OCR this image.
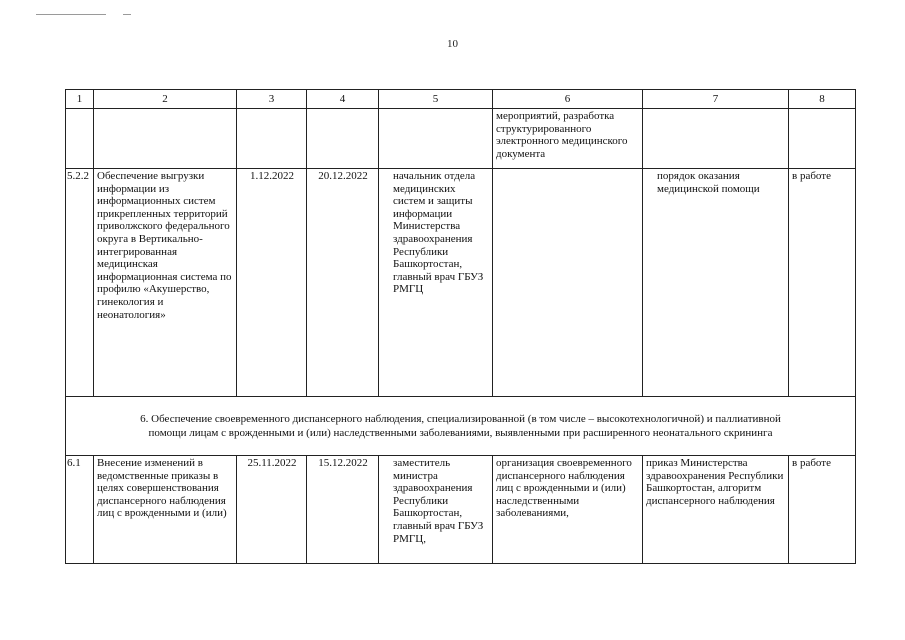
10
1	2	3	4	5	6	7	8
					мероприятий, разработка структурированного электронного медицинского документа		
5.2.2	Обеспечение выгрузки информации из информационных систем прикрепленных территорий приволжского федерального округа в Вертикально-интегрированная медицинская информационная система по профилю «Акушерство, гинекология и неонатология»	1.12.2022	20.12.2022	начальник отдела медицинских систем и защиты информации Министерства здравоохранения Республики Башкортостан, главный врач ГБУЗ РМГЦ		порядок оказания медицинской помощи	в работе
6. Обеспечение своевременного диспансерного наблюдения, специализированной (в том числе – высокотехнологичной) и паллиативной
помощи лицам с врожденными и (или) наследственными заболеваниями, выявленными при расширенного неонатального скрининга							
6.1	Внесение изменений в ведомственные приказы в целях совершенствования диспансерного наблюдения лиц с врожденными и (или)	25.11.2022	15.12.2022	заместитель министра здравоохранения Республики Башкортостан, главный врач ГБУЗ РМГЦ,	организация своевременного диспансерного наблюдения лиц с врожденными и (или) наследственными заболеваниями,	приказ Министерства здравоохранения Республики Башкортостан, алгоритм диспансерного наблюдения	в работе
